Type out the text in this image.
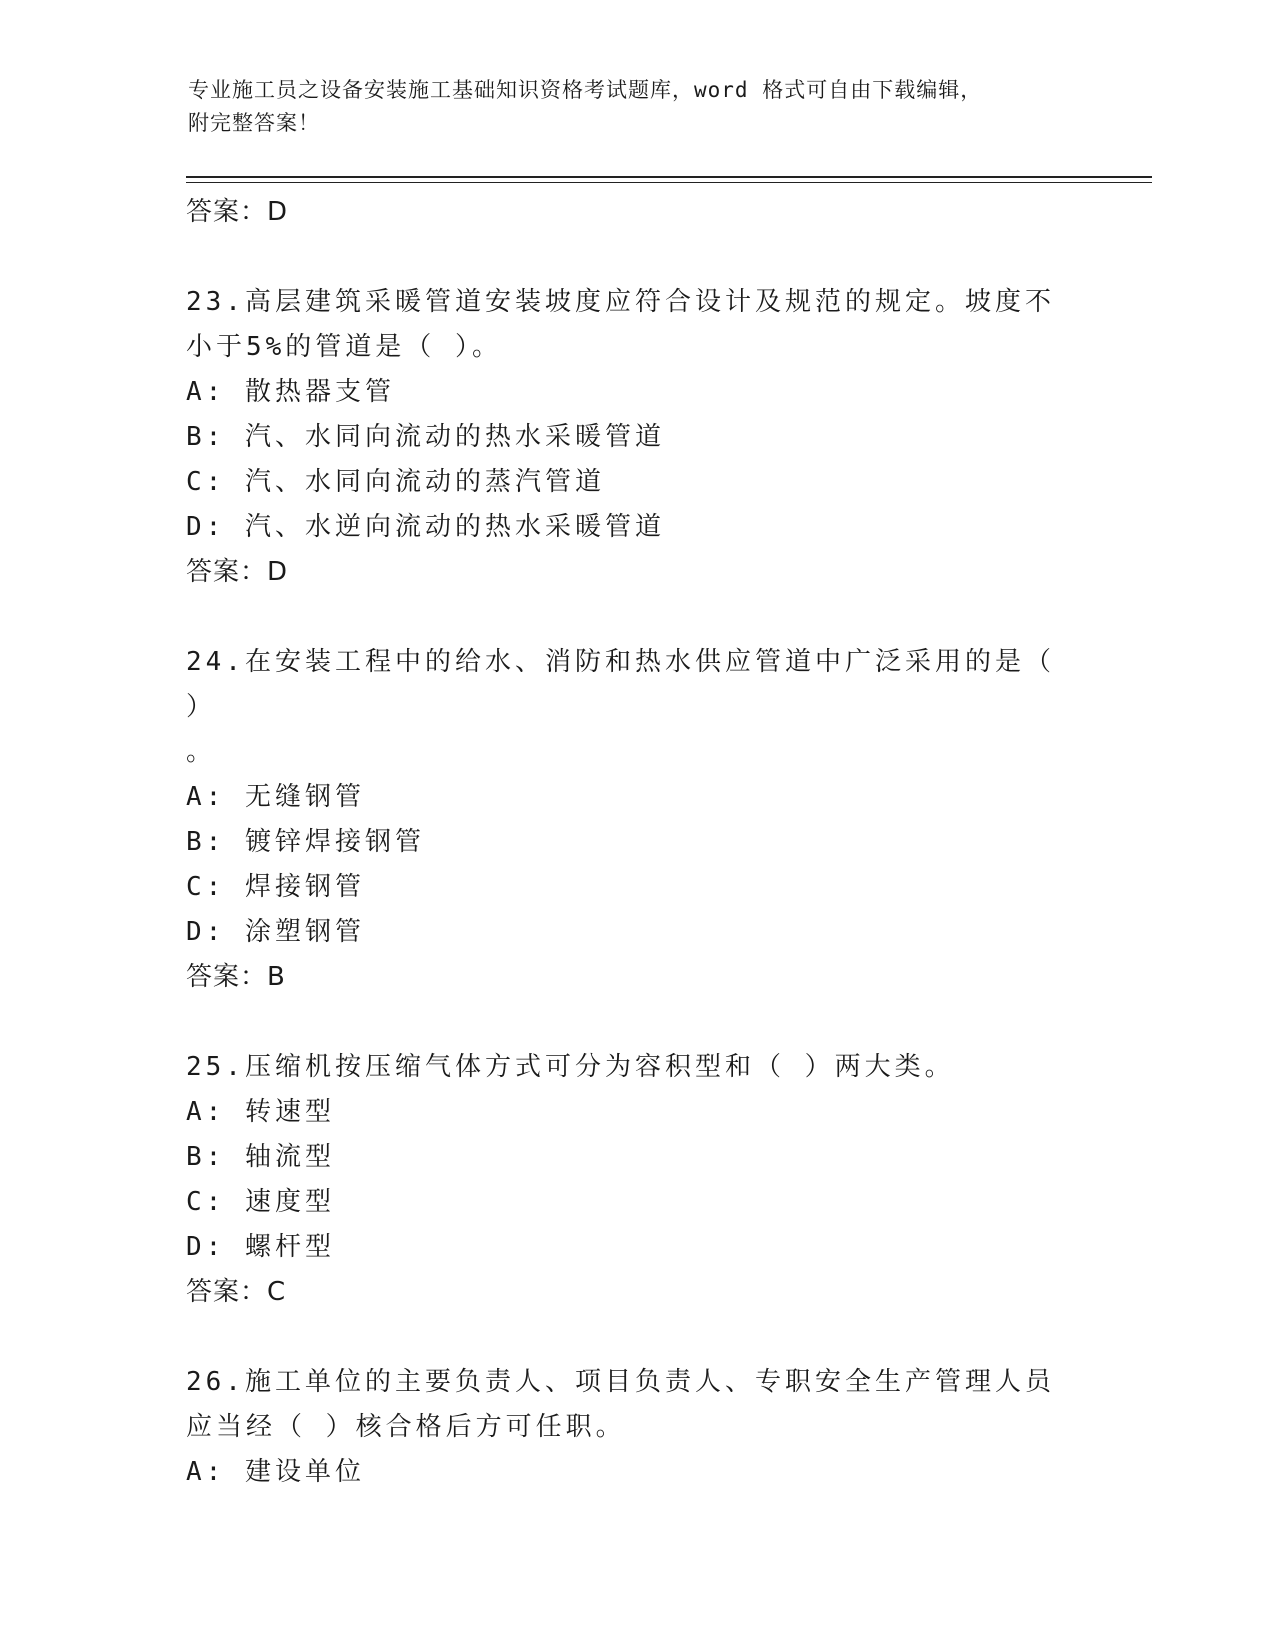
专业施工员之设备安装施工基础知识资格考试题库，word 格式可自由下载编辑，
附完整答案！
答案：D
23.高层建筑采暖管道安装坡度应符合设计及规范的规定。坡度不小于5%的管道是（ ）。
A: 散热器支管
B: 汽、水同向流动的热水采暖管道
C: 汽、水同向流动的蒸汽管道
D: 汽、水逆向流动的热水采暖管道
答案：D
24.在安装工程中的给水、消防和热水供应管道中广泛采用的是（ ）
。
A: 无缝钢管
B: 镀锌焊接钢管
C: 焊接钢管
D: 涂塑钢管
答案：B
25.压缩机按压缩气体方式可分为容积型和（ ）两大类。
A: 转速型
B: 轴流型
C: 速度型
D: 螺杆型
答案：C
26.施工单位的主要负责人、项目负责人、专职安全生产管理人员应当经（ ）核合格后方可任职。
A: 建设单位
